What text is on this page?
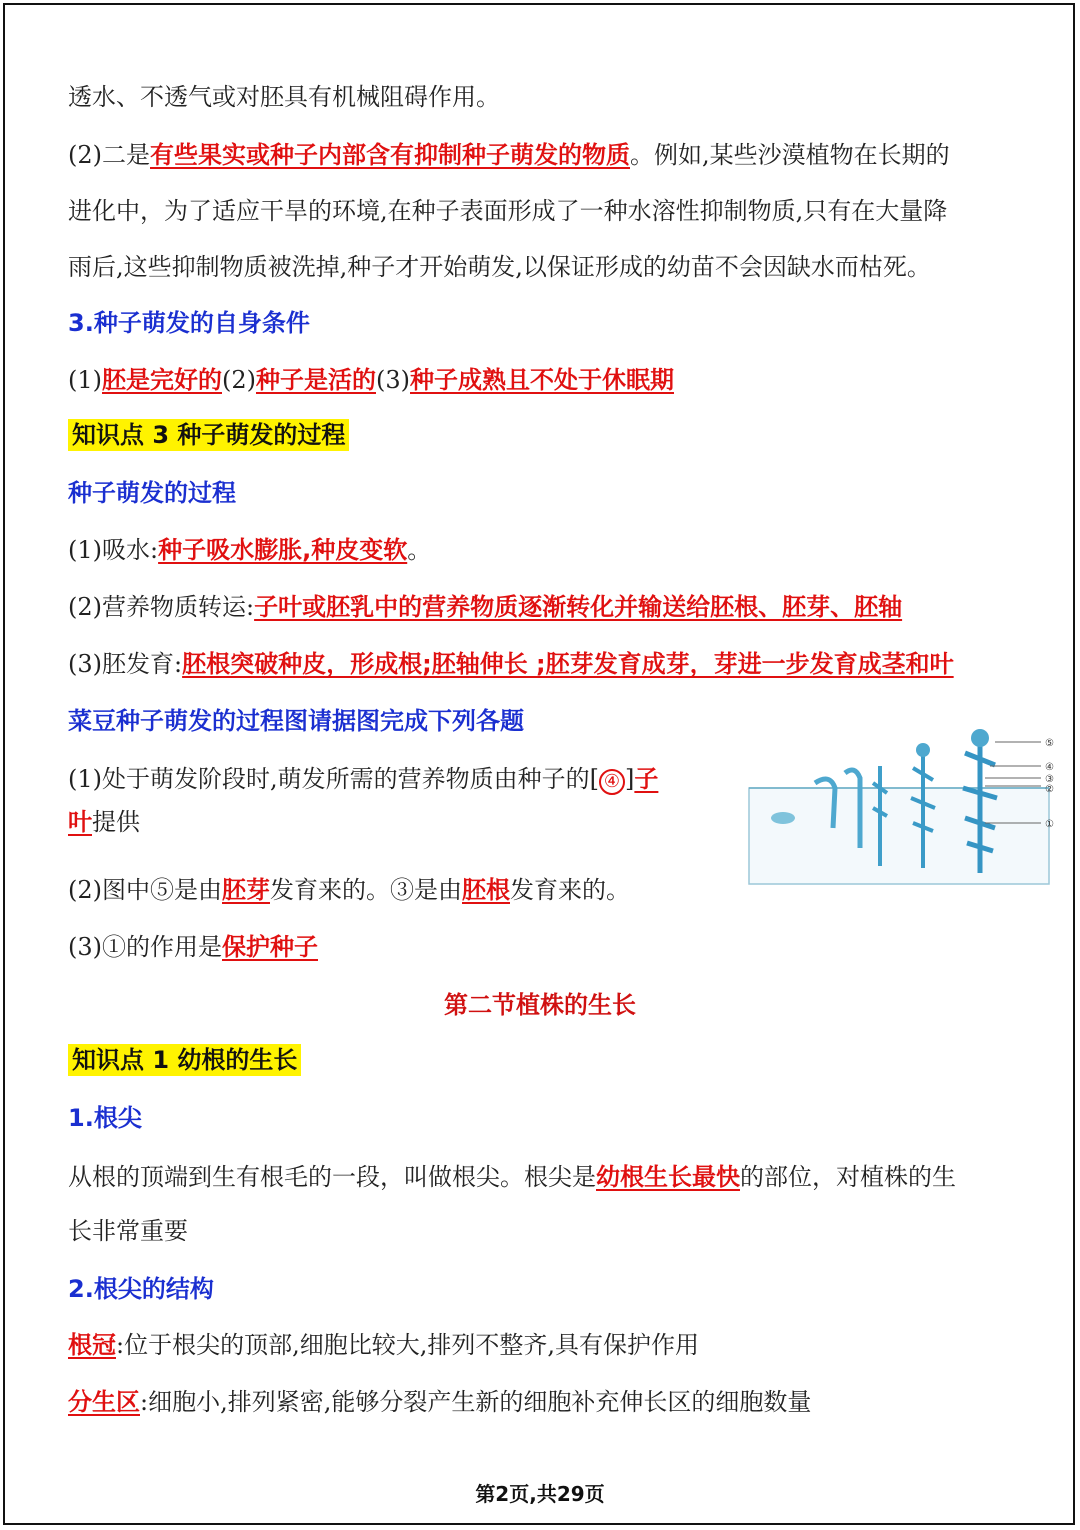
透水、不透气或对胚具有机械阻碍作用。
(2)二是有些果实或种子内部含有抑制种子萌发的物质。例如,某些沙漠植物在长期的
进化中，为了适应干旱的环境,在种子表面形成了一种水溶性抑制物质,只有在大量降
雨后,这些抑制物质被洗掉,种子才开始萌发,以保证形成的幼苗不会因缺水而枯死。
3.种子萌发的自身条件
(1)胚是完好的(2)种子是活的(3)种子成熟且不处于休眠期
知识点 3 种子萌发的过程
种子萌发的过程
(1)吸水:种子吸水膨胀,种皮变软。
(2)营养物质转运:子叶或胚乳中的营养物质逐渐转化并输送给胚根、胚芽、胚轴
(3)胚发育:胚根突破种皮，形成根;胚轴伸长 ;胚芽发育成芽，芽进一步发育成茎和叶
菜豆种子萌发的过程图请据图完成下列各题
(1)处于萌发阶段时,萌发所需的营养物质由种子的[ ④ ]子
叶提供
(2)图中⑤是由胚芽发育来的。③是由胚根发育来的。
(3)①的作用是保护种子
⑤
④
③
②
①
第二节植株的生长
知识点 1 幼根的生长
1.根尖
从根的顶端到生有根毛的一段，叫做根尖。根尖是幼根生长最快的部位，对植株的生
长非常重要
2.根尖的结构
根冠:位于根尖的顶部,细胞比较大,排列不整齐,具有保护作用
分生区:细胞小,排列紧密,能够分裂产生新的细胞补充伸长区的细胞数量
第2页,共29页
